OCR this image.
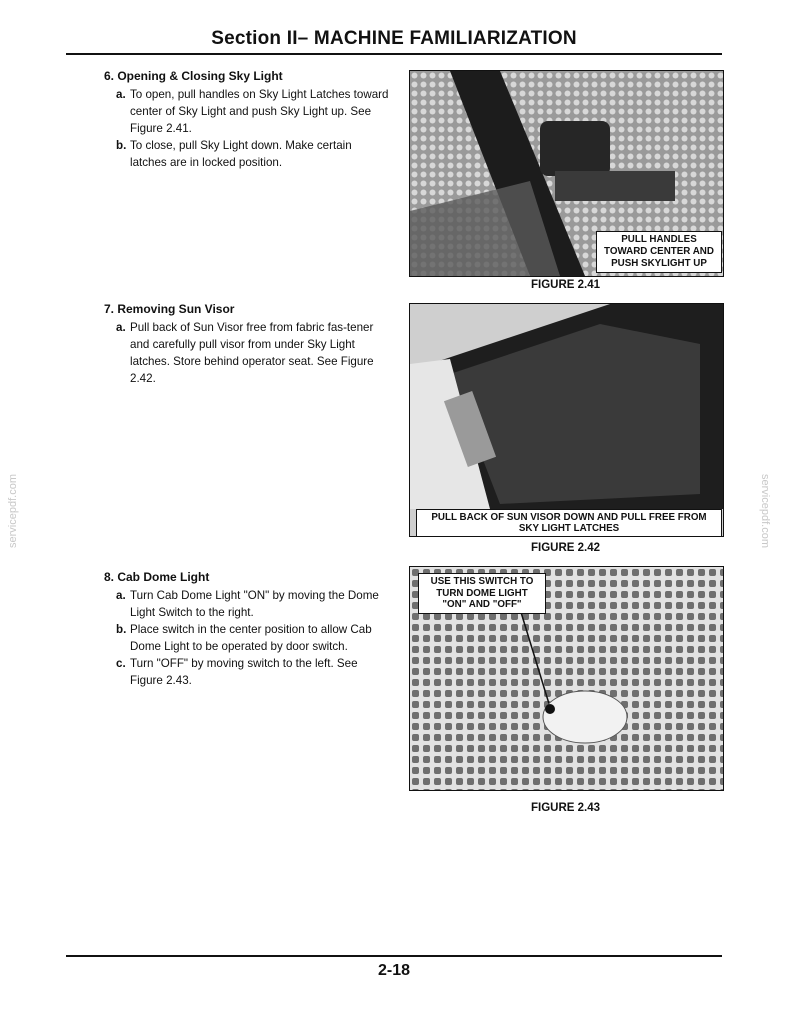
Section II– MACHINE FAMILIARIZATION
6. Opening & Closing Sky Light
a. To open, pull handles on Sky Light Latches toward center of Sky Light and push Sky Light up. See Figure 2.41.
b. To close, pull Sky Light down. Make certain latches are in locked position.
7. Removing Sun Visor
a. Pull back of Sun Visor free from fabric fas-tener and carefully pull visor from under Sky Light latches. Store behind operator seat. See Figure 2.42.
8. Cab Dome Light
a. Turn Cab Dome Light "ON" by moving the Dome Light Switch to the right.
b. Place switch in the center position to allow Cab Dome Light to be operated by door switch.
c. Turn "OFF" by moving switch to the left. See Figure 2.43.
PULL HANDLES TOWARD CENTER AND PUSH SKYLIGHT UP
FIGURE 2.41
PULL BACK OF SUN VISOR DOWN AND PULL FREE FROM SKY LIGHT LATCHES
FIGURE 2.42
USE THIS SWITCH TO TURN DOME LIGHT "ON" AND "OFF"
FIGURE 2.43
2-18
servicepdf.com	servicepdf.com
